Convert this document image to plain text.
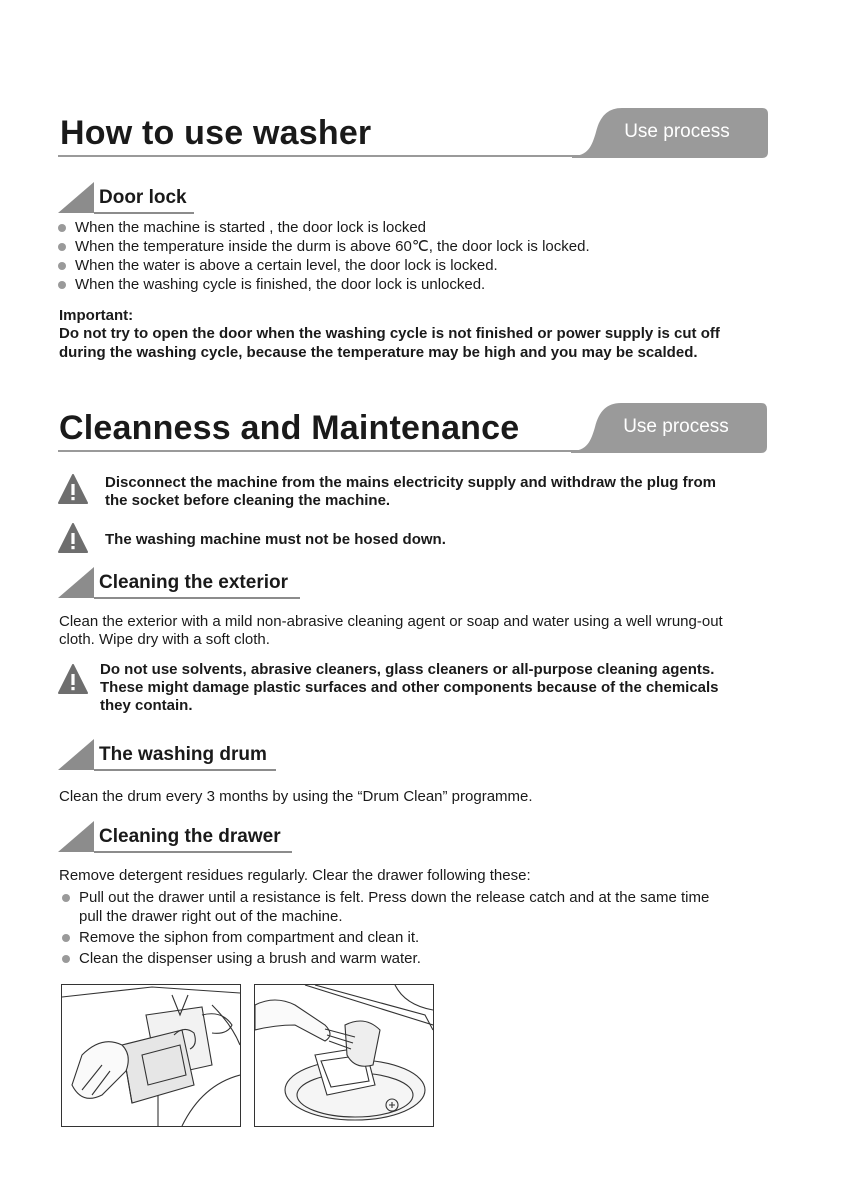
How to use washer	Use process
Door lock
When the machine is started , the door lock is locked
When the temperature inside the durm is above 60℃, the door lock is locked.
When the water is above a certain level, the door lock is locked.
When the washing cycle is finished, the door lock is unlocked.
Important:
Do not try to open the door when the washing cycle is not finished or power supply is cut off
during the washing cycle, because the temperature may be high and you may be scalded.
Cleanness and Maintenance	Use process
Disconnect the machine from the mains electricity supply and withdraw the plug from
the socket before cleaning the machine.
The washing machine must not be hosed down.
Cleaning the exterior
Clean the exterior with a mild non-abrasive cleaning agent or soap and water using a well wrung-out
cloth. Wipe dry with a soft cloth.
Do not use solvents, abrasive cleaners, glass cleaners or all-purpose cleaning agents.
These might damage plastic surfaces and other components because of the chemicals
they contain.
The washing drum
Clean the drum every 3 months by using the “Drum Clean” programme.
Cleaning the drawer
Remove detergent residues regularly. Clear the drawer following these:
Pull out the drawer until a resistance is felt. Press down the release catch and at the same time
pull the drawer right out of the machine.
Remove the siphon from compartment and clean it.
Clean the dispenser using a brush and warm water.
